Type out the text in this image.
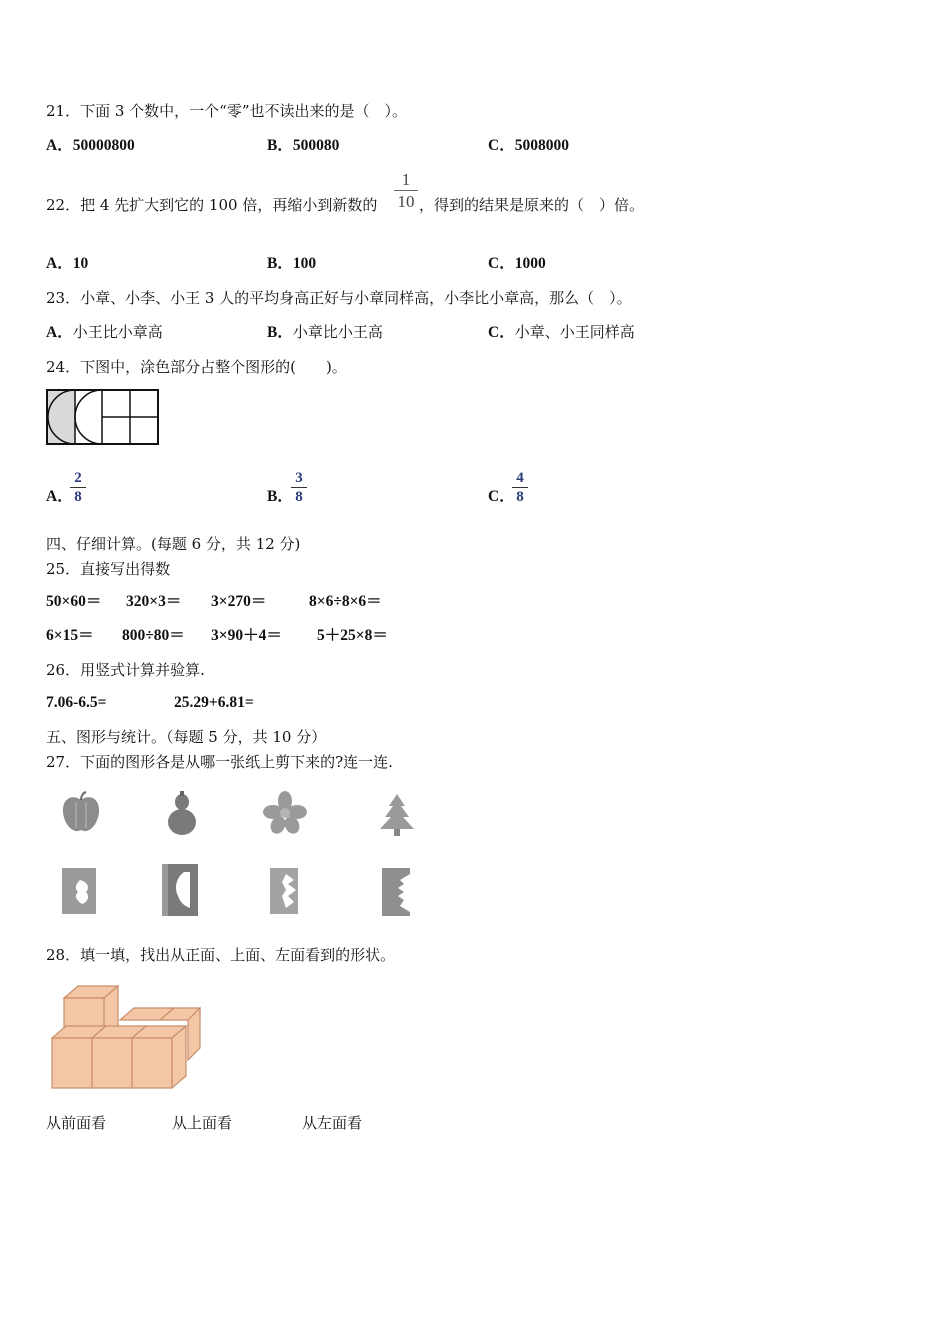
21．下面 3 个数中，一个“零”也不读出来的是（　）。
A．50000800	B．500080	C．5008000
22．把 4 先扩大到它的 100 倍，再缩小到新数的
1
10 ，得到的结果是原来的（　）倍。
A．10	B．100	C．1000
23．小章、小李、小王 3 人的平均身高正好与小章同样高，小李比小章高，那么（　）。
A．小王比小章高	B．小章比小王高	C．小章、小王同样高
24．下图中，涂色部分占整个图形的(　　)。
A．
2
8	B．
3
8	C．
4
8
四、仔细计算。(每题 6 分，共 12 分)
25．直接写出得数
50×60＝ 320×3＝ 3×270＝	8×6÷8×6＝
6×15＝ 800÷80＝ 3×90＋4＝ 5＋25×8＝
26．用竖式计算并验算.
7.06-6.5=	25.29+6.81=
五、图形与统计。（每题 5 分，共 10 分）
27．下面的图形各是从哪一张纸上剪下来的?连一连.
28．填一填，找出从正面、上面、左面看到的形状。
从前面看	从上面看	从左面看
